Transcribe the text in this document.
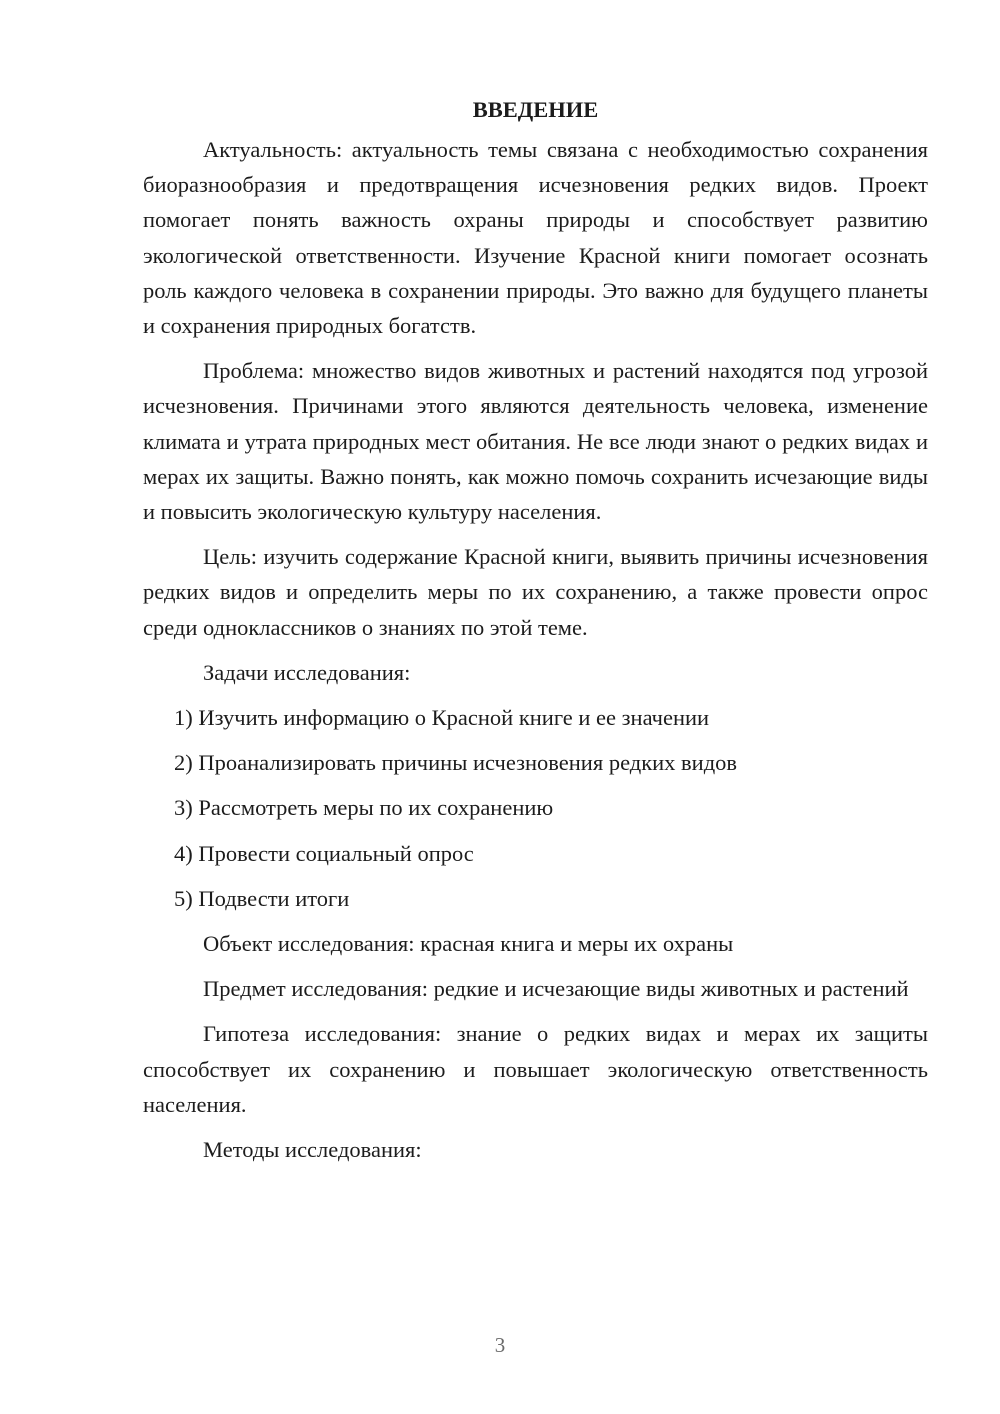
ВВЕДЕНИЕ

Актуальность: актуальность темы связана с необходимостью сохранения биоразнообразия и предотвращения исчезновения редких видов. Проект помогает понять важность охраны природы и способствует развитию экологической ответственности. Изучение Красной книги помогает осознать роль каждого человека в сохранении природы. Это важно для будущего планеты и сохранения природных богатств.

Проблема: множество видов животных и растений находятся под угрозой исчезновения. Причинами этого являются деятельность человека, изменение климата и утрата природных мест обитания. Не все люди знают о редких видах и мерах их защиты. Важно понять, как можно помочь сохранить исчезающие виды и повысить экологическую культуру населения.

Цель: изучить содержание Красной книги, выявить причины исчезновения редких видов и определить меры по их сохранению, а также провести опрос среди одноклассников о знаниях по этой теме.

Задачи исследования:

1) Изучить информацию о Красной книге и ее значении
2) Проанализировать причины исчезновения редких видов
3) Рассмотреть меры по их сохранению
4) Провести социальный опрос
5) Подвести итоги

Объект исследования: красная книга и меры их охраны

Предмет исследования: редкие и исчезающие виды животных и растений

Гипотеза исследования: знание о редких видах и мерах их защиты способствует их сохранению и повышает экологическую ответственность населения.

Методы исследования:

3
